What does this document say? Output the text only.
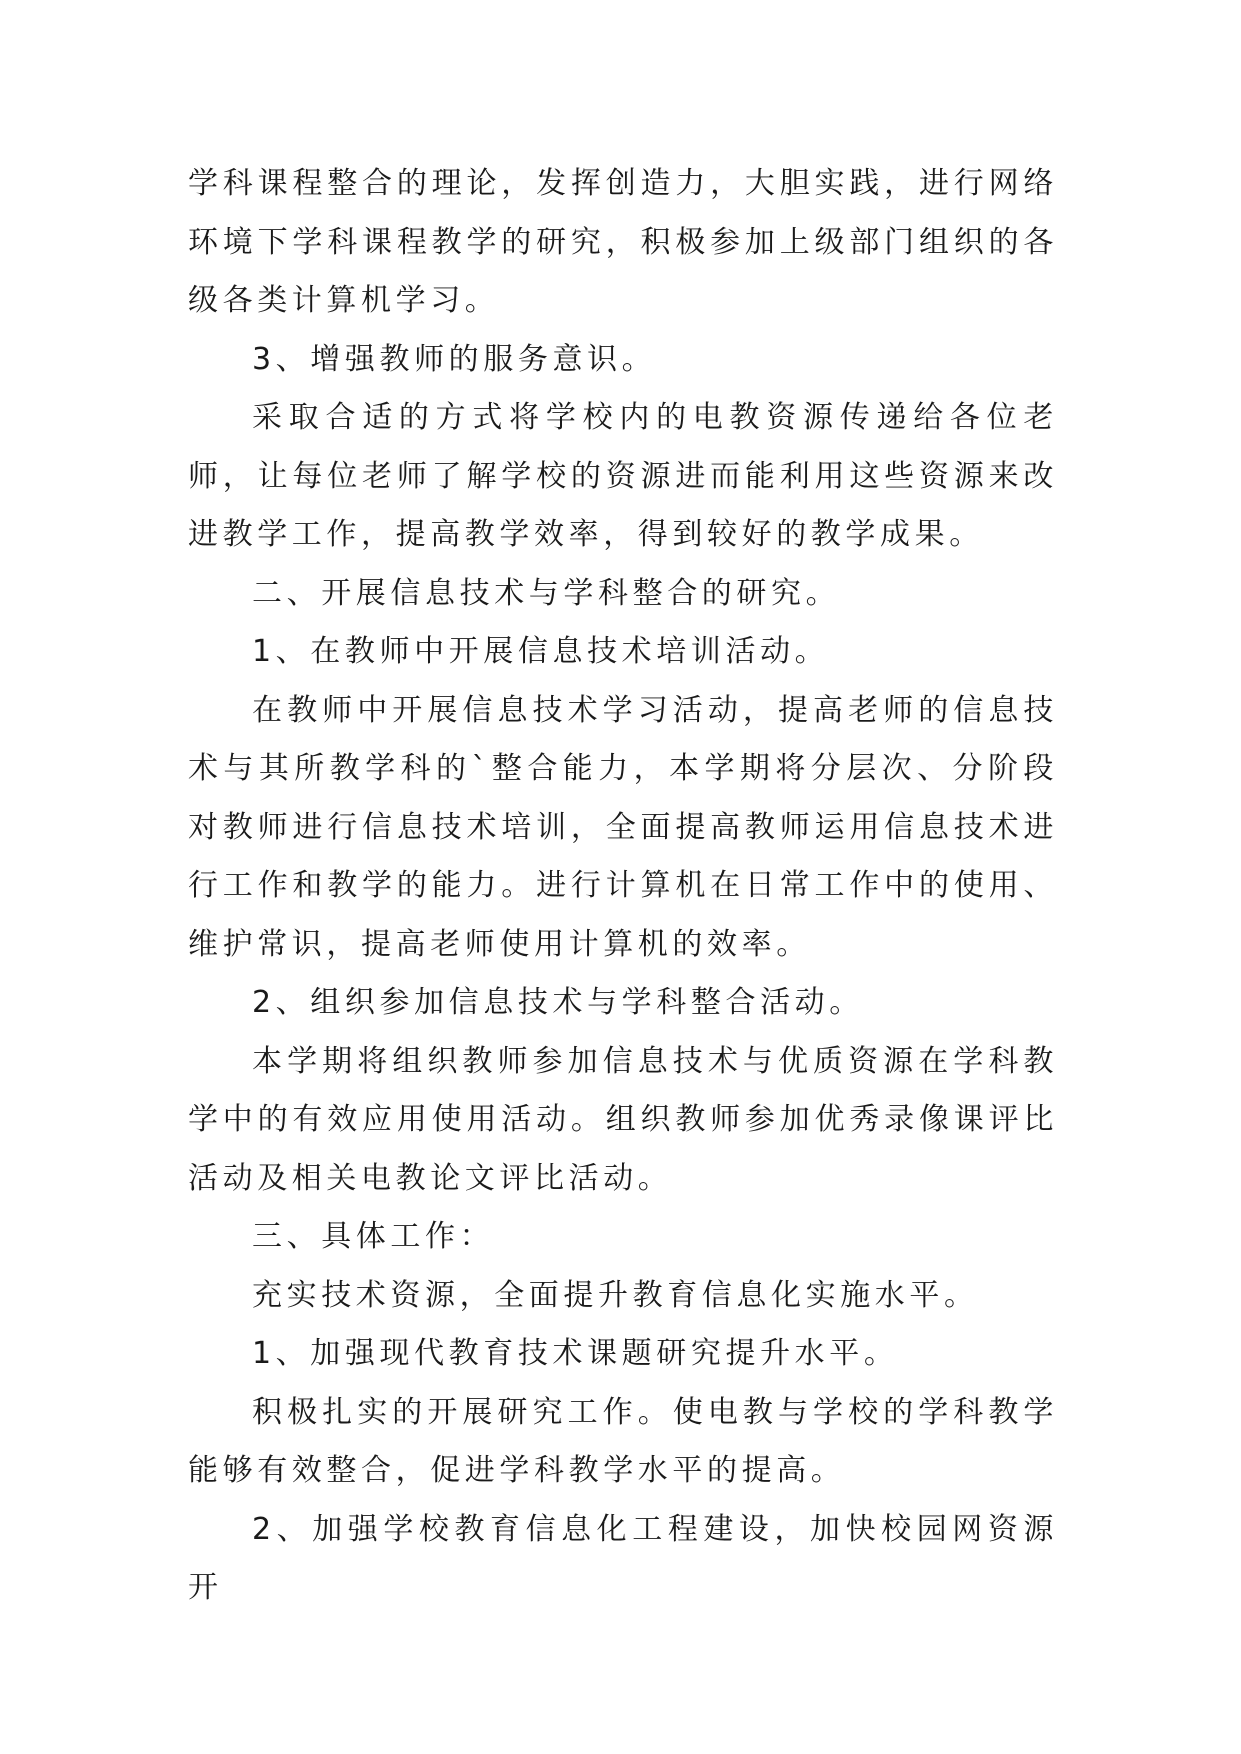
学科课程整合的理论，发挥创造力，大胆实践，进行网络环境下学科课程教学的研究，积极参加上级部门组织的各级各类计算机学习。

3、增强教师的服务意识。

采取合适的方式将学校内的电教资源传递给各位老师，让每位老师了解学校的资源进而能利用这些资源来改进教学工作，提高教学效率，得到较好的教学成果。

二、开展信息技术与学科整合的研究。

1、在教师中开展信息技术培训活动。

在教师中开展信息技术学习活动，提高老师的信息技术与其所教学科的`整合能力，本学期将分层次、分阶段对教师进行信息技术培训，全面提高教师运用信息技术进行工作和教学的能力。进行计算机在日常工作中的使用、维护常识，提高老师使用计算机的效率。

2、组织参加信息技术与学科整合活动。

本学期将组织教师参加信息技术与优质资源在学科教学中的有效应用使用活动。组织教师参加优秀录像课评比活动及相关电教论文评比活动。

三、具体工作：

充实技术资源，全面提升教育信息化实施水平。

1、加强现代教育技术课题研究提升水平。

积极扎实的开展研究工作。使电教与学校的学科教学能够有效整合，促进学科教学水平的提高。

2、加强学校教育信息化工程建设，加快校园网资源开
